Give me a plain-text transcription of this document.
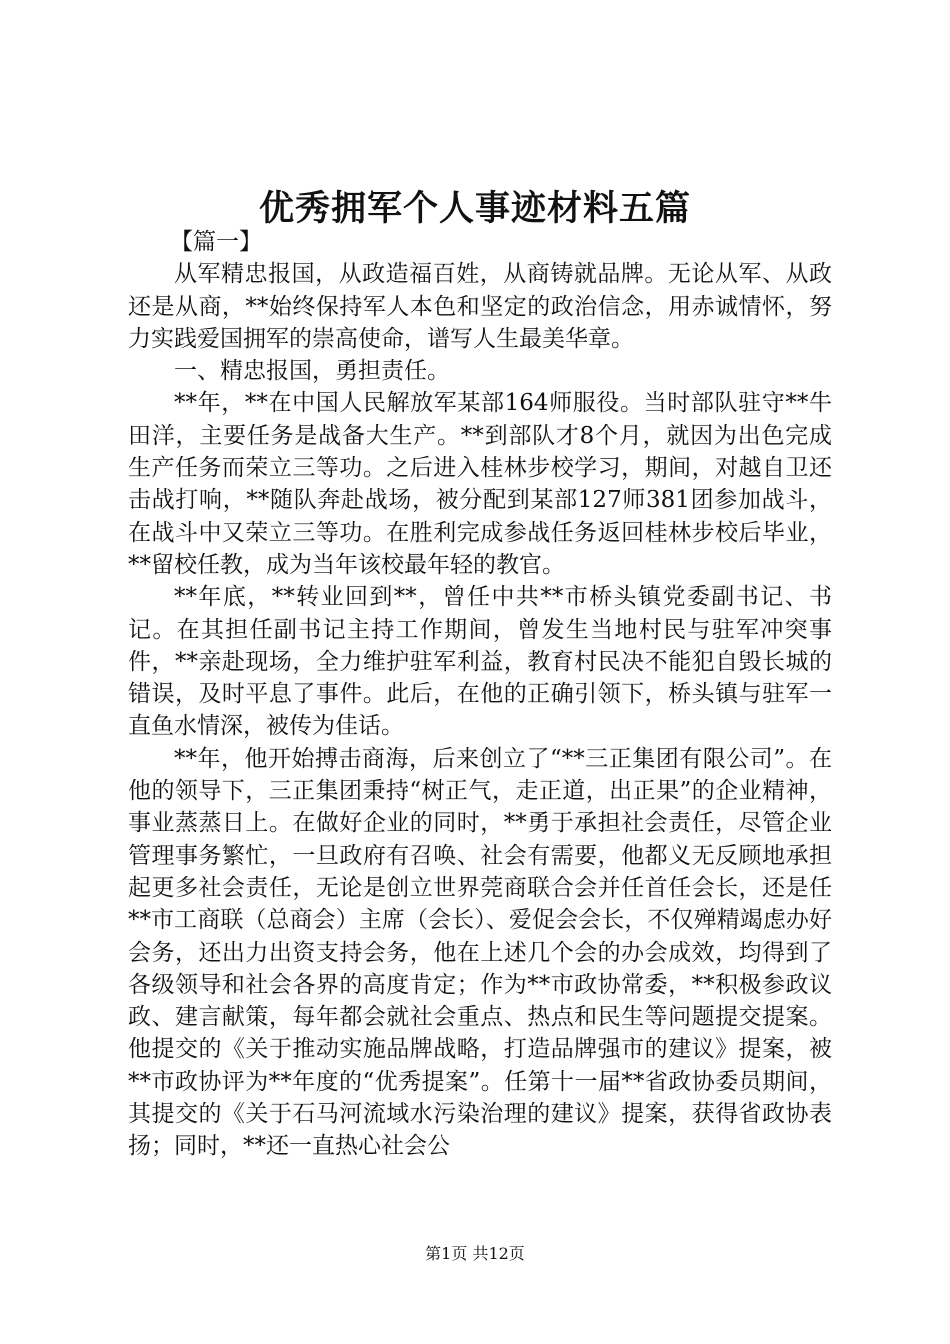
优秀拥军个人事迹材料五篇

【篇一】

从军精忠报国，从政造福百姓，从商铸就品牌。无论从军、从政还是从商，**始终保持军人本色和坚定的政治信念，用赤诚情怀，努力实践爱国拥军的崇高使命，谱写人生最美华章。

一、精忠报国，勇担责任。

**年，**在中国人民解放军某部164师服役。当时部队驻守**牛田洋，主要任务是战备大生产。**到部队才8个月，就因为出色完成生产任务而荣立三等功。之后进入桂林步校学习，期间，对越自卫还击战打响，**随队奔赴战场，被分配到某部127师381团参加战斗，在战斗中又荣立三等功。在胜利完成参战任务返回桂林步校后毕业，**留校任教，成为当年该校最年轻的教官。

**年底，**转业回到**，曾任中共**市桥头镇党委副书记、书记。在其担任副书记主持工作期间，曾发生当地村民与驻军冲突事件，**亲赴现场，全力维护驻军利益，教育村民决不能犯自毁长城的错误，及时平息了事件。此后，在他的正确引领下，桥头镇与驻军一直鱼水情深，被传为佳话。

**年，他开始搏击商海，后来创立了“**三正集团有限公司”。在他的领导下，三正集团秉持“树正气，走正道，出正果”的企业精神，事业蒸蒸日上。在做好企业的同时，**勇于承担社会责任，尽管企业管理事务繁忙，一旦政府有召唤、社会有需要，他都义无反顾地承担起更多社会责任，无论是创立世界莞商联合会并任首任会长，还是任**市工商联（总商会）主席（会长）、爱促会会长，不仅殚精竭虑办好会务，还出力出资支持会务，他在上述几个会的办会成效，均得到了各级领导和社会各界的高度肯定；作为**市政协常委，**积极参政议政、建言献策，每年都会就社会重点、热点和民生等问题提交提案。他提交的《关于推动实施品牌战略，打造品牌强市的建议》提案，被**市政协评为**年度的“优秀提案”。任第十一届**省政协委员期间，其提交的《关于石马河流域水污染治理的建议》提案，获得省政协表扬；同时，**还一直热心社会公

第1页 共12页
